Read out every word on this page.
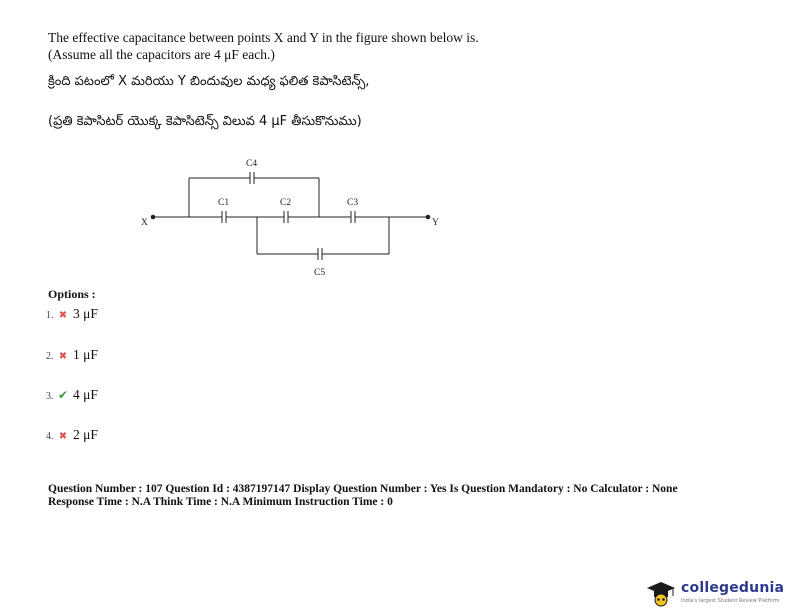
The effective capacitance between points X and Y in the figure shown below is.
(Assume all the capacitors are 4 μF each.)
క్రింది పటంలో X మరియు Y బిందువుల మధ్య ఫలిత కెపాసిటెన్స్,
(ప్రతి కెపాసిటర్ యొక్క కెపాసిటెన్స్ విలువ 4 μF తీసుకొనుము)
X	Y
C1	C2	C3
C4
C5
Options :
1. ✖ 3 μF
2. ✖ 1 μF
3. ✔ 4 μF
4. ✖ 2 μF
Question Number : 107 Question Id : 4387197147 Display Question Number : Yes Is Question Mandatory : No Calculator : None
Response Time : N.A Think Time : N.A Minimum Instruction Time : 0
collegedunia
India's largest Student Review Platform
